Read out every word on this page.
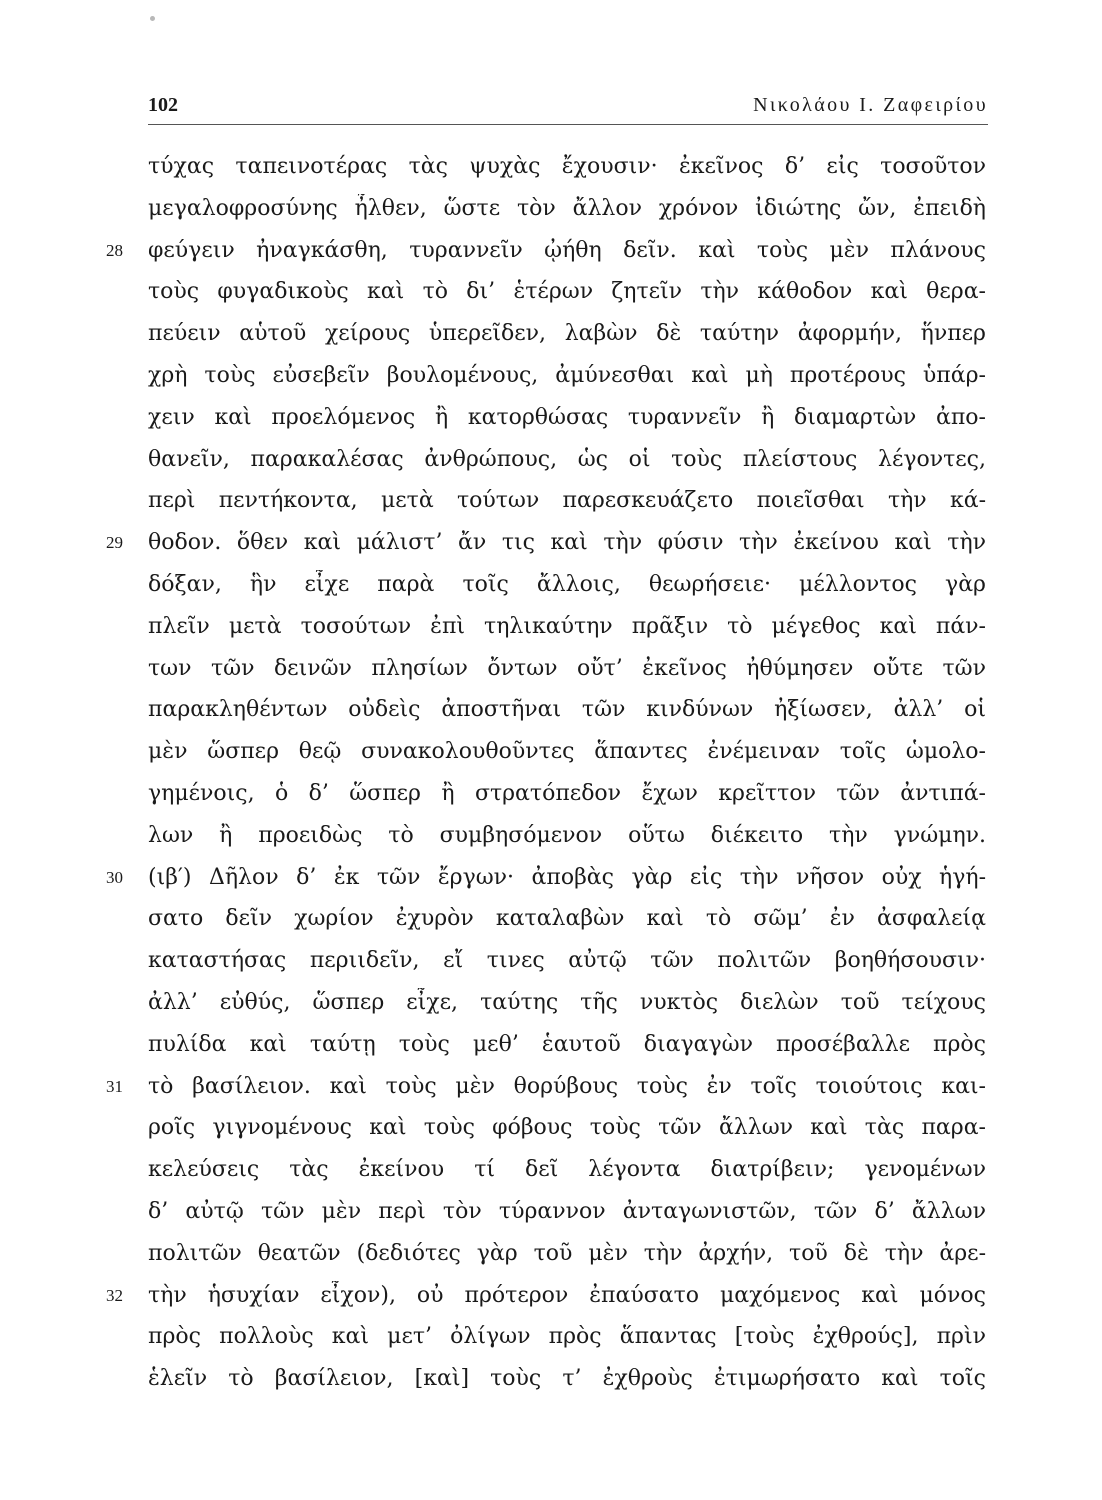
102	Νικολάου Ι. Ζαφειρίου
τύχας ταπεινοτέρας τὰς ψυχὰς ἔχουσιν· ἐκεῖνος δ’ εἰς τοσοῦτον
μεγαλοφροσύνης ἦλθεν, ὥστε τὸν ἄλλον χρόνον ἰδιώτης ὤν, ἐπειδὴ
28	φεύγειν ἠναγκάσθη, τυραννεῖν ᾠήθη δεῖν. καὶ τοὺς μὲν πλάνους
τοὺς φυγαδικοὺς καὶ τὸ δι’ ἑτέρων ζητεῖν τὴν κάθοδον καὶ θερα-
πεύειν αὑτοῦ χείρους ὑπερεῖδεν, λαβὼν δὲ ταύτην ἀφορμήν, ἥνπερ
χρὴ τοὺς εὐσεβεῖν βουλομένους, ἀμύνεσθαι καὶ μὴ προτέρους ὑπάρ-
χειν καὶ προελόμενος ἢ κατορθώσας τυραννεῖν ἢ διαμαρτὼν ἀπο-
θανεῖν, παρακαλέσας ἀνθρώπους, ὡς οἱ τοὺς πλείστους λέγοντες,
περὶ πεντήκοντα, μετὰ τούτων παρεσκευάζετο ποιεῖσθαι τὴν κά-
29	θοδον. ὅθεν καὶ μάλιστ’ ἄν τις καὶ τὴν φύσιν τὴν ἐκείνου καὶ τὴν
δόξαν, ἣν εἶχε παρὰ τοῖς ἄλλοις, θεωρήσειε· μέλλοντος γὰρ
πλεῖν μετὰ τοσούτων ἐπὶ τηλικαύτην πρᾶξιν τὸ μέγεθος καὶ πάν-
των τῶν δεινῶν πλησίων ὄντων οὔτ’ ἐκεῖνος ἠθύμησεν οὔτε τῶν
παρακληθέντων οὐδεὶς ἀποστῆναι τῶν κινδύνων ἠξίωσεν, ἀλλ’ οἱ
μὲν ὥσπερ θεῷ συνακολουθοῦντες ἅπαντες ἐνέμειναν τοῖς ὡμολο-
γημένοις, ὁ δ’ ὥσπερ ἢ στρατόπεδον ἔχων κρεῖττον τῶν ἀντιπά-
λων ἢ προειδὼς τὸ συμβησόμενον οὕτω διέκειτο τὴν γνώμην.
30	(ιβ′) Δῆλον δ’ ἐκ τῶν ἔργων· ἀποβὰς γὰρ εἰς τὴν νῆσον οὐχ ἡγή-
σατο δεῖν χωρίον ἐχυρὸν καταλαβὼν καὶ τὸ σῶμ’ ἐν ἀσφαλείᾳ
καταστήσας περιιδεῖν, εἴ τινες αὐτῷ τῶν πολιτῶν βοηθήσουσιν·
ἀλλ’ εὐθύς, ὥσπερ εἶχε, ταύτης τῆς νυκτὸς διελὼν τοῦ τείχους
πυλίδα καὶ ταύτῃ τοὺς μεθ’ ἑαυτοῦ διαγαγὼν προσέβαλλε πρὸς
31	τὸ βασίλειον. καὶ τοὺς μὲν θορύβους τοὺς ἐν τοῖς τοιούτοις και-
ροῖς γιγνομένους καὶ τοὺς φόβους τοὺς τῶν ἄλλων καὶ τὰς παρα-
κελεύσεις τὰς ἐκείνου τί δεῖ λέγοντα διατρίβειν; γενομένων
δ’ αὐτῷ τῶν μὲν περὶ τὸν τύραννον ἀνταγωνιστῶν, τῶν δ’ ἄλλων
πολιτῶν θεατῶν (δεδιότες γὰρ τοῦ μὲν τὴν ἀρχήν, τοῦ δὲ τὴν ἀρε-
32	τὴν ἡσυχίαν εἶχον), οὐ πρότερον ἐπαύσατο μαχόμενος καὶ μόνος
πρὸς πολλοὺς καὶ μετ’ ὀλίγων πρὸς ἅπαντας [τοὺς ἐχθρούς], πρὶν
ἑλεῖν τὸ βασίλειον, [καὶ] τοὺς τ’ ἐχθροὺς ἐτιμωρήσατο καὶ τοῖς
